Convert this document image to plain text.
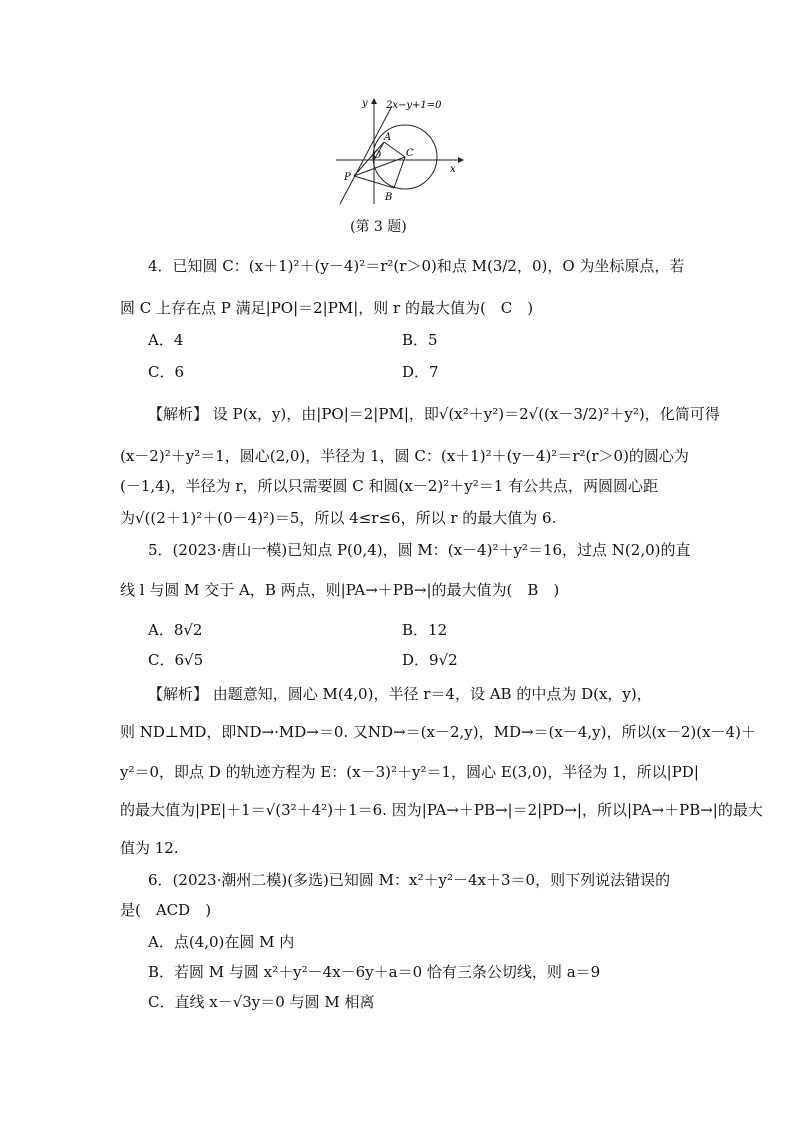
2x−y+1=0
y
x
O
A
C
P
B
(第 3 题)
4．已知圆 C：(x＋1)²＋(y－4)²＝r²(r＞0)和点 M(3/2，0)，O 为坐标原点，若
圆 C 上存在点 P 满足|PO|＝2|PM|，则 r 的最大值为(　C　)
A．4	B．5
C．6	D．7
【解析】 设 P(x，y)，由|PO|＝2|PM|，即√(x²＋y²)＝2√((x－3/2)²＋y²)，化简可得
(x－2)²＋y²＝1，圆心(2,0)，半径为 1，圆 C：(x＋1)²＋(y－4)²＝r²(r＞0)的圆心为
(－1,4)，半径为 r，所以只需要圆 C 和圆(x－2)²＋y²＝1 有公共点，两圆圆心距
为√((2＋1)²＋(0－4)²)＝5，所以 4≤r≤6，所以 r 的最大值为 6.
5．(2023·唐山一模)已知点 P(0,4)，圆 M：(x－4)²＋y²＝16，过点 N(2,0)的直
线 l 与圆 M 交于 A，B 两点，则|PA→＋PB→|的最大值为(　B　)
A．8√2	B．12
C．6√5	D．9√2
【解析】 由题意知，圆心 M(4,0)，半径 r＝4，设 AB 的中点为 D(x，y)，
则 ND⊥MD，即ND→·MD→＝0. 又ND→＝(x－2,y)，MD→＝(x－4,y)，所以(x－2)(x－4)＋
y²＝0，即点 D 的轨迹方程为 E：(x－3)²＋y²＝1，圆心 E(3,0)，半径为 1，所以|PD|
的最大值为|PE|＋1＝√(3²＋4²)＋1＝6. 因为|PA→＋PB→|＝2|PD→|，所以|PA→＋PB→|的最大
值为 12.
6．(2023·潮州二模)(多选)已知圆 M：x²＋y²－4x＋3＝0，则下列说法错误的
是(　ACD　)
A．点(4,0)在圆 M 内
B．若圆 M 与圆 x²＋y²－4x－6y＋a＝0 恰有三条公切线，则 a＝9
C．直线 x－√3y＝0 与圆 M 相离
